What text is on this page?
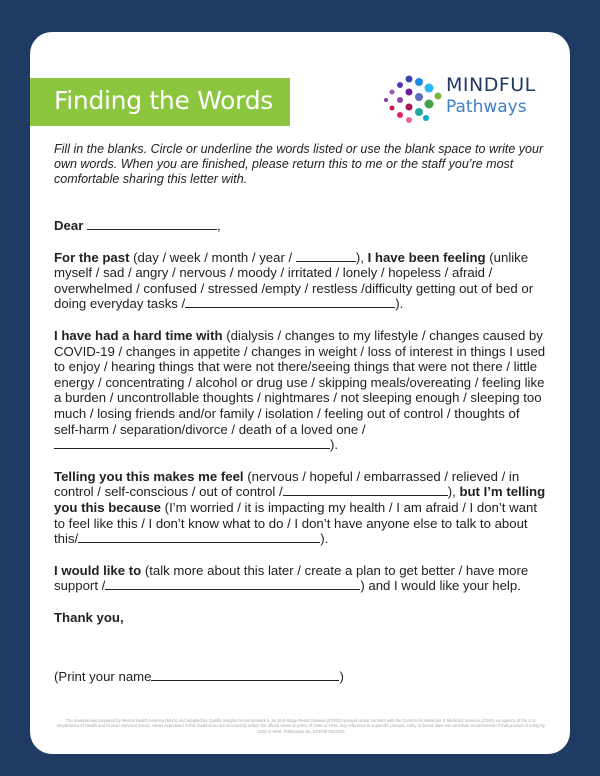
Finding the Words
MINDFUL
Pathways
Fill in the blanks. Circle or underline the words listed or use the blank space to write your own words. When you are finished, please return this to me or the staff you’re most comfortable sharing this letter with.

Dear	,

For the past (day / week / month / year /	), I have been feeling (unlike myself / sad / angry / nervous / moody / irritated / lonely / hopeless / afraid / overwhelmed / confused / stressed /empty / restless /difficulty getting out of bed or doing everyday tasks /	).

I have had a hard time with (dialysis / changes to my lifestyle / changes caused by COVID-19 / changes in appetite / changes in weight / loss of interest in things I used to enjoy / hearing things that were not there/seeing things that were not there / little energy / concentrating / alcohol or drug use / skipping meals/overeating / feeling like a burden / uncontrollable thoughts / nightmares / not sleeping enough / sleeping too much / losing friends and/or family / isolation / feeling out of control / thoughts of self-harm / separation/divorce / death of a loved one /).

Telling you this makes me feel (nervous / hopeful / embarrassed / relieved / in control / self-conscious / out of control /	), but I’m telling you this because (I’m worried / it is impacting my health / I am afraid / I don’t want to feel like this / I don’t know what to do / I don’t have anyone else to talk to about this/	).

I would like to (talk more about this later / create a plan to get better / have more support /	) and I would like your help.

Thank you,

(Print your name	)

The material was prepared by Mental Health America (MHA) and adapted by Quality Insights Renal Network 5, an End-Stage Renal Disease (ESRD) Network under contract with the Centers for Medicare & Medicaid Services (CMS), an agency of the U.S. Department of Health and Human Services (HHS). Views expressed in this material do not necessarily reflect the official views or policy of CMS or HHS. Any reference to a specific product, entity or brand does not constitute endorsement of that product or entity by CMS or HHS. Publication No. ESRD5-0012022
